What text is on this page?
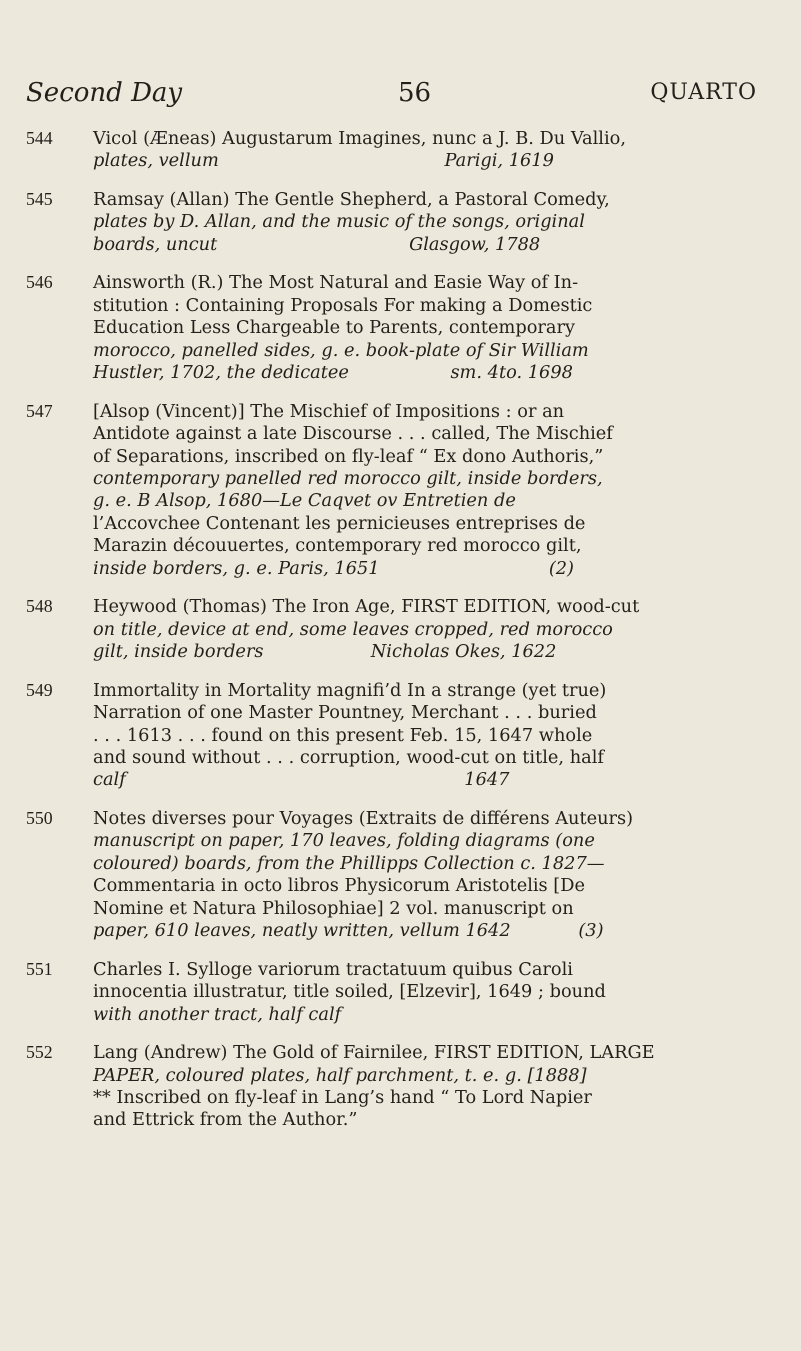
Second Day	56	QUARTO
544	Vicol (Æneas) Augustarum Imagines, nunc a J. B. Du Vallio,
plates, vellum                                        Parigi, 1619
545	Ramsay (Allan) The Gentle Shepherd, a Pastoral Comedy,
plates by D. Allan, and the music of the songs, original
boards, uncut                                  Glasgow, 1788
546	Ainsworth (R.) The Most Natural and Easie Way of In-
stitution : Containing Proposals For making a Domestic
Education Less Chargeable to Parents, contemporary
morocco, panelled sides, g. e. book-plate of Sir William
Hustler, 1702, the dedicatee                  sm. 4to. 1698
547	[Alsop (Vincent)] The Mischief of Impositions : or an
Antidote against a late Discourse . . . called, The Mischief
of Separations, inscribed on fly-leaf “ Ex dono Authoris,”
contemporary panelled red morocco gilt, inside borders,
g. e. B Alsop, 1680—Le Caqvet ov Entretien de
l’Accovchee Contenant les pernicieuses entreprises de
Marazin découuertes, contemporary red morocco gilt,
inside borders, g. e. Paris, 1651                              (2)
548	Heywood (Thomas) The Iron Age, FIRST EDITION, wood-cut
on title, device at end, some leaves cropped, red morocco
gilt, inside borders                   Nicholas Okes, 1622
549	Immortality in Mortality magnifi’d In a strange (yet true)
Narration of one Master Pountney, Merchant . . . buried
. . . 1613 . . . found on this present Feb. 15, 1647 whole
and sound without . . . corruption, wood-cut on title, half
calf                                                            1647
550	Notes diverses pour Voyages (Extraits de différens Auteurs)
manuscript on paper, 170 leaves, folding diagrams (one
coloured) boards, from the Phillipps Collection c. 1827—
Commentaria in octo libros Physicorum Aristotelis [De
Nomine et Natura Philosophiae] 2 vol. manuscript on
paper, 610 leaves, neatly written, vellum 1642            (3)
551	Charles I. Sylloge variorum tractatuum quibus Caroli
innocentia illustratur, title soiled, [Elzevir], 1649 ; bound
with another tract, half calf
552	Lang (Andrew) The Gold of Fairnilee, FIRST EDITION, LARGE
PAPER, coloured plates, half parchment, t. e. g. [1888]
** Inscribed on fly-leaf in Lang’s hand “ To Lord Napier
and Ettrick from the Author.”
